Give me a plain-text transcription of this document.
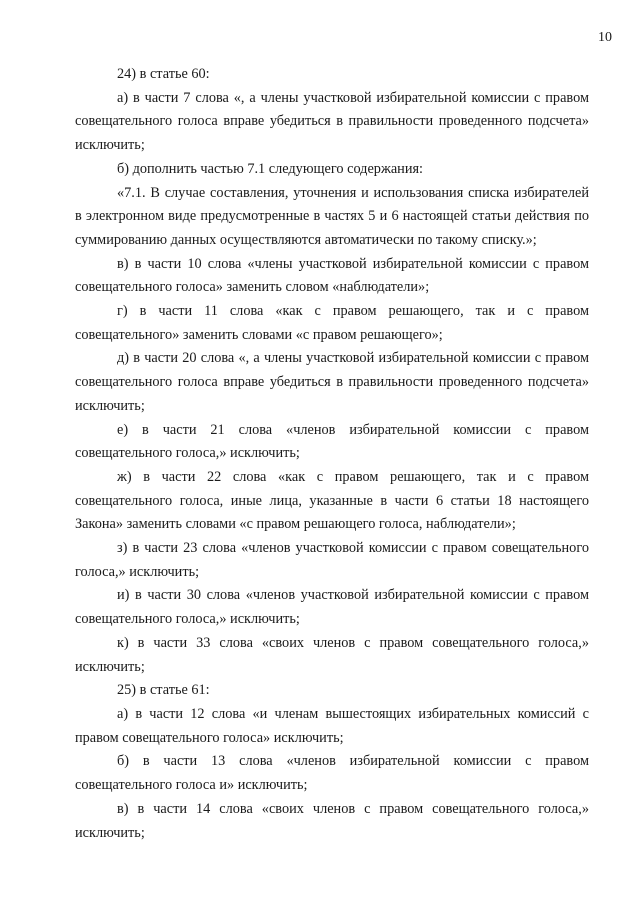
10

24) в статье 60:

а) в части 7 слова «, а члены участковой избирательной комиссии с правом совещательного голоса вправе убедиться в правильности проведенного подсчета» исключить;

б) дополнить частью 7.1 следующего содержания:

«7.1. В случае составления, уточнения и использования списка избирателей в электронном виде предусмотренные в частях 5 и 6 настоящей статьи действия по суммированию данных осуществляются автоматически по такому списку.»;

в) в части 10 слова «члены участковой избирательной комиссии с правом совещательного голоса» заменить словом «наблюдатели»;

г) в части 11 слова «как с правом решающего, так и с правом совещательного» заменить словами «с правом решающего»;

д) в части 20 слова «, а члены участковой избирательной комиссии с правом совещательного голоса вправе убедиться в правильности проведенного подсчета» исключить;

е) в части 21 слова «членов избирательной комиссии с правом совещательного голоса,» исключить;

ж) в части 22 слова «как с правом решающего, так и с правом совещательного голоса, иные лица, указанные в части 6 статьи 18 настоящего Закона» заменить словами «с правом решающего голоса, наблюдатели»;

з) в части 23 слова «членов участковой комиссии с правом совещательного голоса,» исключить;

и) в части 30 слова «членов участковой избирательной комиссии с правом совещательного голоса,» исключить;

к) в части 33 слова «своих членов с правом совещательного голоса,» исключить;

25) в статье 61:

а) в части 12 слова «и членам вышестоящих избирательных комиссий с правом совещательного голоса» исключить;

б) в части 13 слова «членов избирательной комиссии с правом совещательного голоса и» исключить;

в) в части 14 слова «своих членов с правом совещательного голоса,» исключить;
